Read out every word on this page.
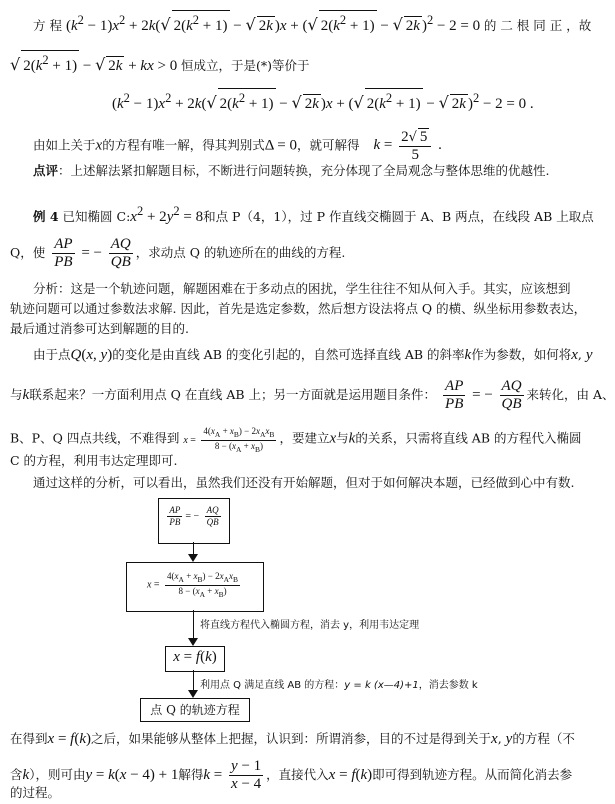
方 程 $(k^2 - 1)x^2 + 2k(√$ $2(k^2 + 1)$ − √ 2k )x + (√ $2(k^2 + 1)$ − √ 2k )$^2$ − 2 = 0 的 二 根 同 正 ，故
√ $2(k^2 + 1)$ − √ 2k + kx > 0 恒成立，于是(*)等价于
$(k^2 - 1)x^2 + 2k(√$ $2(k^2 + 1)$ − √ 2k )x + (√ $2(k^2 + 1)$ − √ 2k )$^2$ − 2 = 0 .
由如上关于x的方程有唯一解，得其判别式Δ = 0，就可解得 $k = \frac{2√ 5}{5}$ .
点评：上述解法紧扣解题目标，不断进行问题转换，充分体现了全局观念与整体思维的优越性.
例 4 已知椭圆 $C:x^2 + 2y^2 = 8$和点 P（4，1），过 P 作直线交椭圆于 A、B 两点，在线段 AB 上取点
Q，使 $\frac{AP}{PB}$ = − $\frac{AQ}{QB}$ ，求动点 Q 的轨迹所在的曲线的方程.
分析：这是一个轨迹问题，解题困难在于多动点的困扰，学生往往不知从何入手。其实，应该想到
轨迹问题可以通过参数法求解. 因此，首先是选定参数，然后想方设法将点 Q 的横、纵坐标用参数表达，
最后通过消参可达到解题的目的.
由于点Q(x, y)的变化是由直线 AB 的变化引起的，自然可选择直线 AB 的斜率k作为参数，如何将x, y
与k联系起来？一方面利用点 Q 在直线 AB 上；另一方面就是运用题目条件： $\frac{AP}{PB}$ = − $\frac{AQ}{QB}$ 来转化，由 A、
B、P、Q 四点共线，不难得到 $x = \frac{4(x_A + x_B) - 2x_Ax_B}{8 - (x_A + x_B)}$ ，要建立x与k的关系，只需将直线 AB 的方程代入椭圆
C 的方程，利用韦达定理即可.
通过这样的分析，可以看出，虽然我们还没有开始解题，但对于如何解决本题，已经做到心中有数.
$\frac{AP}{PB}$ = − $\frac{AQ}{QB}$
$x = \frac{4(x_A + x_B) - 2x_Ax_B}{8 - (x_A + x_B)}$
将直线方程代入椭圆方程，消去 y，利用韦达定理
x = f(k)
利用点 Q 满足直线 AB 的方程：y = k (x—4)+1，消去参数 k
点 Q 的轨迹方程
在得到x = f(k)之后，如果能够从整体上把握，认识到：所谓消参，目的不过是得到关于x, y的方程（不
含k），则可由y = k(x − 4) + 1解得$k = \frac{y - 1}{x - 4}$ ，直接代入x = f(k)即可得到轨迹方程。从而简化消去参
的过程。
